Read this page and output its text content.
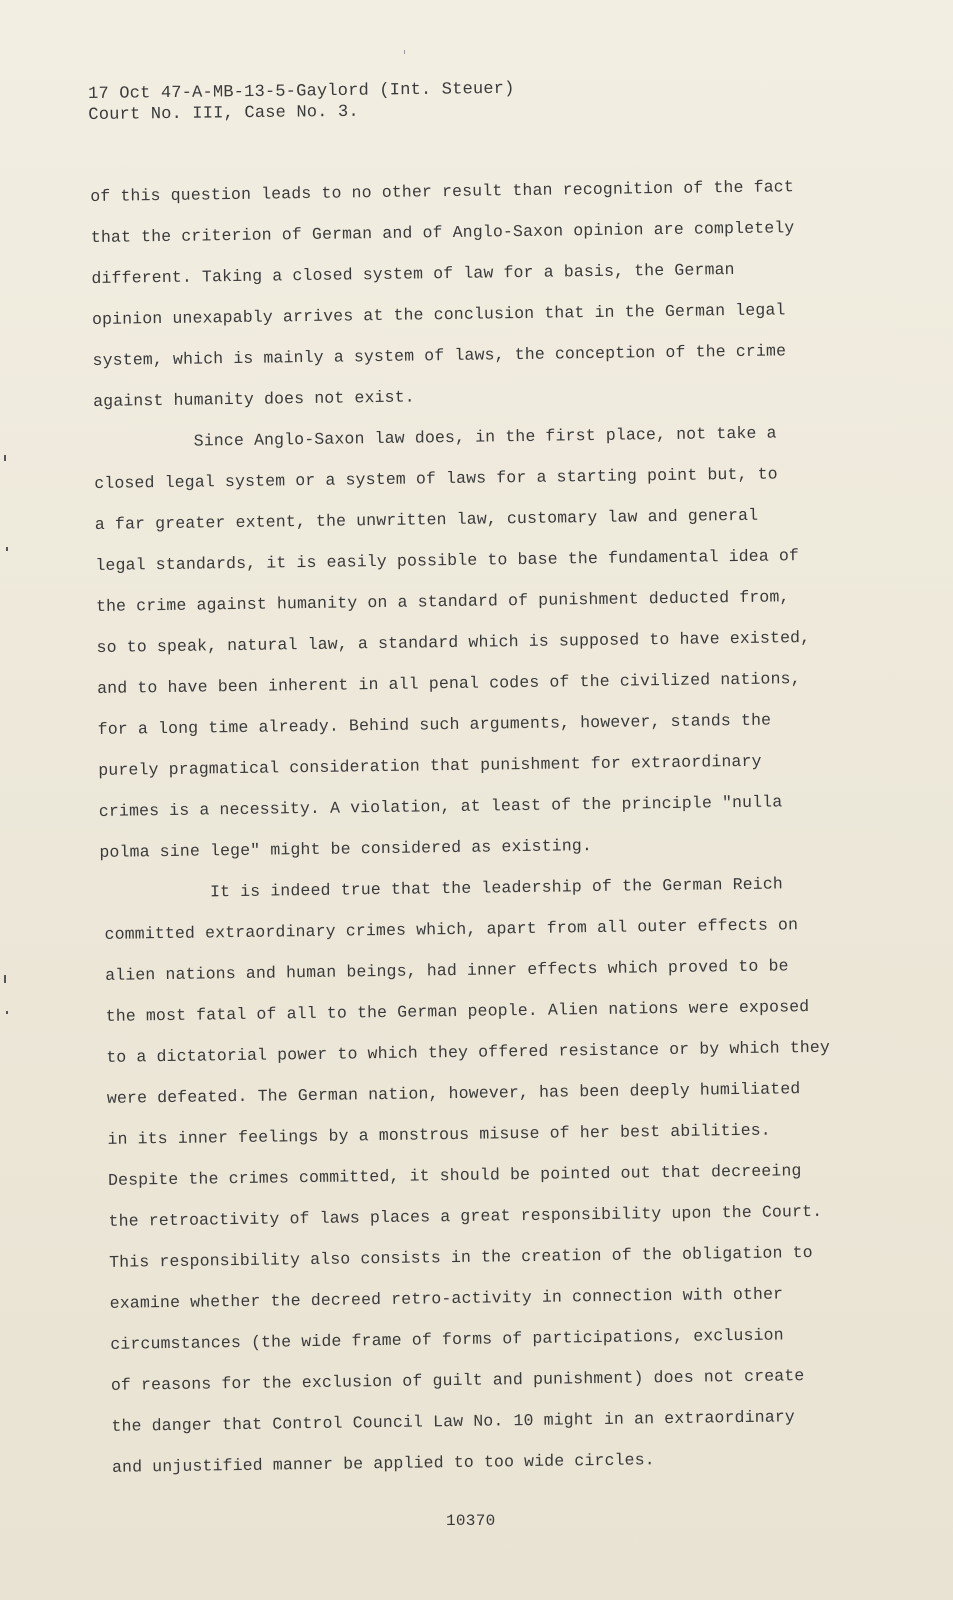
17 Oct 47-A-MB-13-5-Gaylord (Int. Steuer)
Court No. III, Case No. 3.
of this question leads to no other result than recognition of the fact
that the criterion of German and of Anglo-Saxon opinion are completely
different. Taking a closed system of law for a basis, the German
opinion unexapably arrives at the conclusion that in the German legal
system, which is mainly a system of laws, the conception of the crime
against humanity does not exist.
Since Anglo-Saxon law does, in the first place, not take a
closed legal system or a system of laws for a starting point but, to
a far greater extent, the unwritten law, customary law and general
legal standards, it is easily possible to base the fundamental idea of
the crime against humanity on a standard of punishment deducted from,
so to speak, natural law, a standard which is supposed to have existed,
and to have been inherent in all penal codes of the civilized nations,
for a long time already. Behind such arguments, however, stands the
purely pragmatical consideration that punishment for extraordinary
crimes is a necessity. A violation, at least of the principle "nulla
polma sine lege" might be considered as existing.
It is indeed true that the leadership of the German Reich
committed extraordinary crimes which, apart from all outer effects on
alien nations and human beings, had inner effects which proved to be
the most fatal of all to the German people. Alien nations were exposed
to a dictatorial power to which they offered resistance or by which they
were defeated. The German nation, however, has been deeply humiliated
in its inner feelings by a monstrous misuse of her best abilities.
Despite the crimes committed, it should be pointed out that decreeing
the retroactivity of laws places a great responsibility upon the Court.
This responsibility also consists in the creation of the obligation to
examine whether the decreed retro-activity in connection with other
circumstances (the wide frame of forms of participations, exclusion
of reasons for the exclusion of guilt and punishment) does not create
the danger that Control Council Law No. 10 might in an extraordinary
and unjustified manner be applied to too wide circles.
10370
